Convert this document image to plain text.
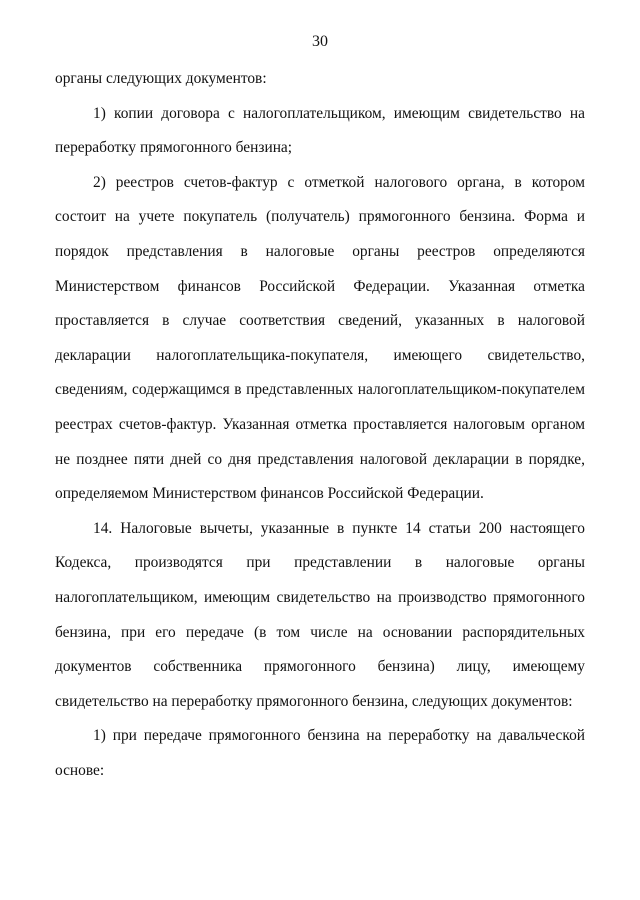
30

органы следующих документов:

1) копии договора с налогоплательщиком, имеющим свидетельство на переработку прямогонного бензина;

2) реестров счетов-фактур с отметкой налогового органа, в котором состоит на учете покупатель (получатель) прямогонного бензина. Форма и порядок представления в налоговые органы реестров определяются Министерством финансов Российской Федерации. Указанная отметка проставляется в случае соответствия сведений, указанных в налоговой декларации налогоплательщика-покупателя, имеющего свидетельство, сведениям, содержащимся в представленных налогоплательщиком-покупателем реестрах счетов-фактур. Указанная отметка проставляется налоговым органом не позднее пяти дней со дня представления налоговой декларации в порядке, определяемом Министерством финансов Российской Федерации.

14. Налоговые вычеты, указанные в пункте 14 статьи 200 настоящего Кодекса, производятся при представлении в налоговые органы налогоплательщиком, имеющим свидетельство на производство прямогонного бензина, при его передаче (в том числе на основании распорядительных документов собственника прямогонного бензина) лицу, имеющему свидетельство на переработку прямогонного бензина, следующих документов:

1) при передаче прямогонного бензина на переработку на давальческой основе:
